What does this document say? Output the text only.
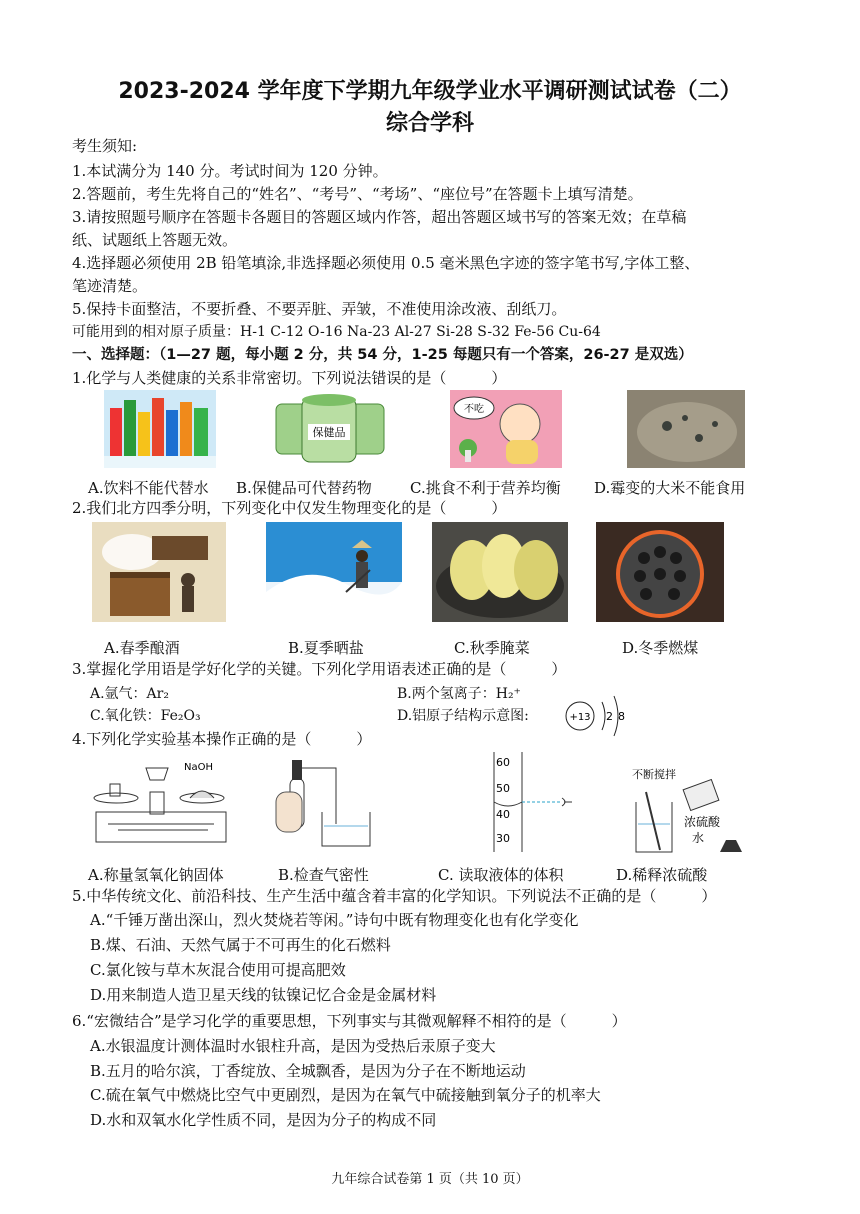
2023-2024 学年度下学期九年级学业水平调研测试试卷（二）
综合学科
考生须知:
1.本试满分为 140 分。考试时间为 120 分钟。
2.答题前，考生先将自己的“姓名”、“考号”、“考场”、“座位号”在答题卡上填写清楚。
3.请按照题号顺序在答题卡各题目的答题区域内作答，超出答题区域书写的答案无效；在草稿
纸、试题纸上答题无效。
4.选择题必须使用 2B 铅笔填涂,非选择题必须使用 0.5 毫米黑色字迹的签字笔书写,字体工整、
笔迹清楚。
5.保持卡面整洁，不要折叠、不要弄脏、弄皱，不准使用涂改液、刮纸刀。
可能用到的相对原子质量：H-1 C-12 O-16 Na-23 Al-27 Si-28 S-32 Fe-56 Cu-64
一、选择题：（1—27 题，每小题 2 分，共 54 分，1-25 每题只有一个答案，26-27 是双选）
1.化学与人类健康的关系非常密切。下列说法错误的是（　　　）
保健品
不吃
A.饮料不能代替水 B.保健品可代替药物	C.挑食不利于营养均衡 D.霉变的大米不能食用
2.我们北方四季分明，下列变化中仅发生物理变化的是（　　　）
A.春季酿酒	B.夏季晒盐	C.秋季腌菜	D.冬季燃煤
3.掌握化学用语是学好化学的关键。下列化学用语表述正确的是（　　　）
A.氩气：Ar₂	B.两个氢离子：H₂⁺
C.氧化铁：Fe₂O₃	D.铝原子结构示意图:	+13 2 8
4.下列化学实验基本操作正确的是（　　　）
NaOH	60
50
40
30
不断搅拌
浓硫酸
水
A.称量氢氧化钠固体	B.检查气密性	C. 读取液体的体积	D.稀释浓硫酸
5.中华传统文化、前沿科技、生产生活中蕴含着丰富的化学知识。下列说法不正确的是（　　　）
A.“千锤万凿出深山，烈火焚烧若等闲。”诗句中既有物理变化也有化学变化
B.煤、石油、天然气属于不可再生的化石燃料
C.氯化铵与草木灰混合使用可提高肥效
D.用来制造人造卫星天线的钛镍记忆合金是金属材料
6.“宏微结合”是学习化学的重要思想，下列事实与其微观解释不相符的是（　　　）
A.水银温度计测体温时水银柱升高，是因为受热后汞原子变大
B.五月的哈尔滨，丁香绽放、全城飘香，是因为分子在不断地运动
C.硫在氧气中燃烧比空气中更剧烈，是因为在氧气中硫接触到氧分子的机率大
D.水和双氧水化学性质不同，是因为分子的构成不同
九年综合试卷第 1 页（共 10 页）
